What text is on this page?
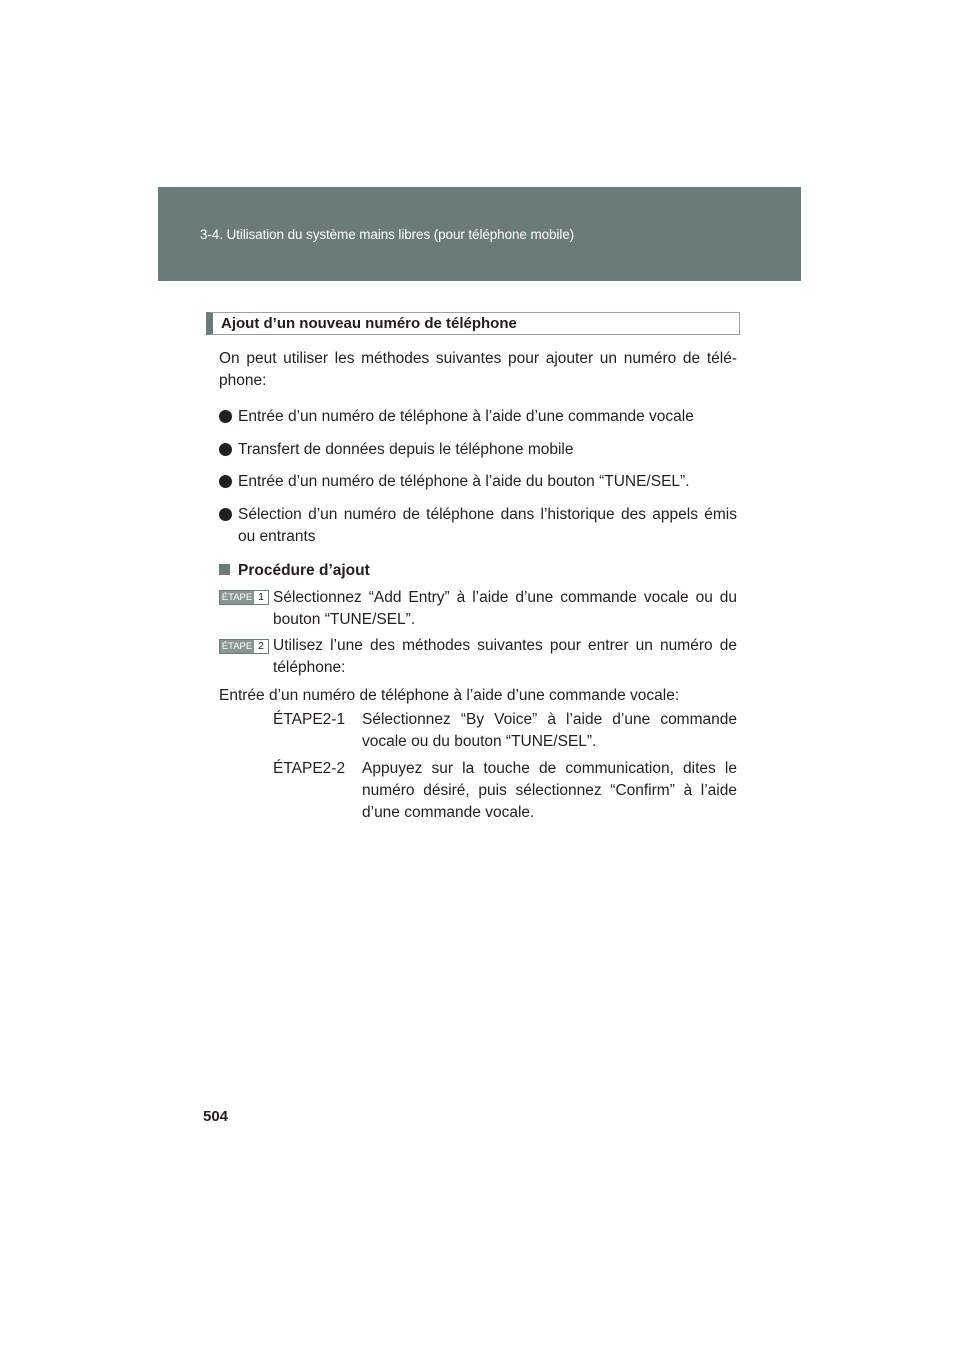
3-4. Utilisation du système mains libres (pour téléphone mobile)
Ajout d’un nouveau numéro de téléphone
On peut utiliser les méthodes suivantes pour ajouter un numéro de télé-phone:
Entrée d’un numéro de téléphone à l’aide d’une commande vocale
Transfert de données depuis le téléphone mobile
Entrée d’un numéro de téléphone à l’aide du bouton “TUNE/SEL”.
Sélection d’un numéro de téléphone dans l’historique des appels émis ou entrants
Procédure d’ajout
ÉTAPE 1 Sélectionnez “Add Entry” à l’aide d’une commande vocale ou du bouton “TUNE/SEL”.
ÉTAPE 2 Utilisez l’une des méthodes suivantes pour entrer un numéro de téléphone:
Entrée d’un numéro de téléphone à l’aide d’une commande vocale:
ÉTAPE2-1 Sélectionnez “By Voice” à l’aide d’une commande vocale ou du bouton “TUNE/SEL”.
ÉTAPE2-2 Appuyez sur la touche de communication, dites le numéro désiré, puis sélectionnez “Confirm” à l’aide d’une commande vocale.
504
